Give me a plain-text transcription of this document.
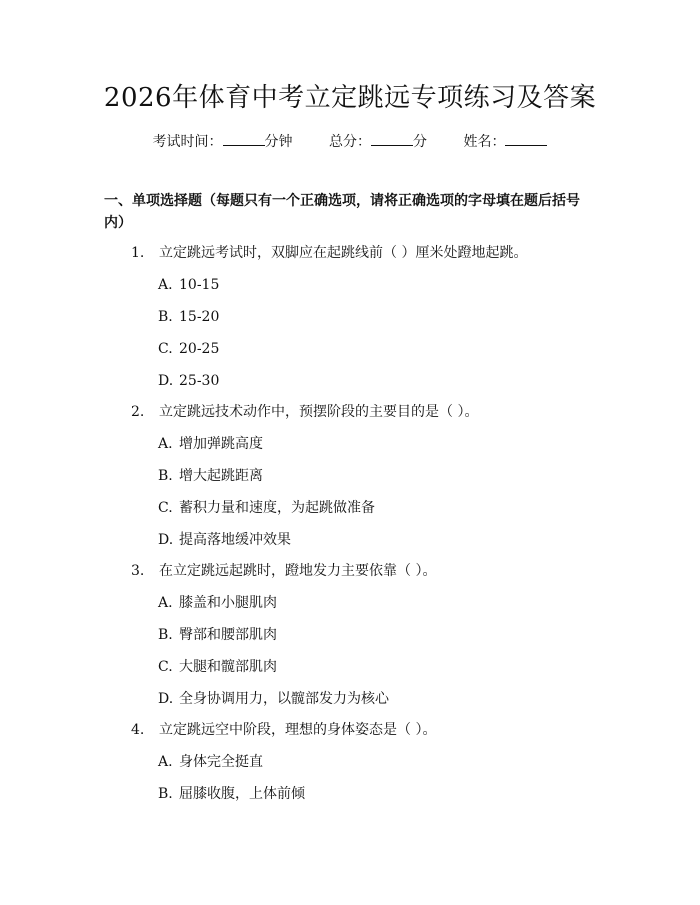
2026年体育中考立定跳远专项练习及答案
考试时间：	分钟	总分：	分	姓名：
一、单项选择题（每题只有一个正确选项，请将正确选项的字母填在题后括号内）
1. 立定跳远考试时，双脚应在起跳线前（ ）厘米处蹬地起跳。
A. 10-15
B. 15-20
C. 20-25
D. 25-30
2. 立定跳远技术动作中，预摆阶段的主要目的是（ ）。
A. 增加弹跳高度
B. 增大起跳距离
C. 蓄积力量和速度，为起跳做准备
D. 提高落地缓冲效果
3. 在立定跳远起跳时，蹬地发力主要依靠（ ）。
A. 膝盖和小腿肌肉
B. 臀部和腰部肌肉
C. 大腿和髋部肌肉
D. 全身协调用力，以髋部发力为核心
4. 立定跳远空中阶段，理想的身体姿态是（ ）。
A. 身体完全挺直
B. 屈膝收腹，上体前倾
